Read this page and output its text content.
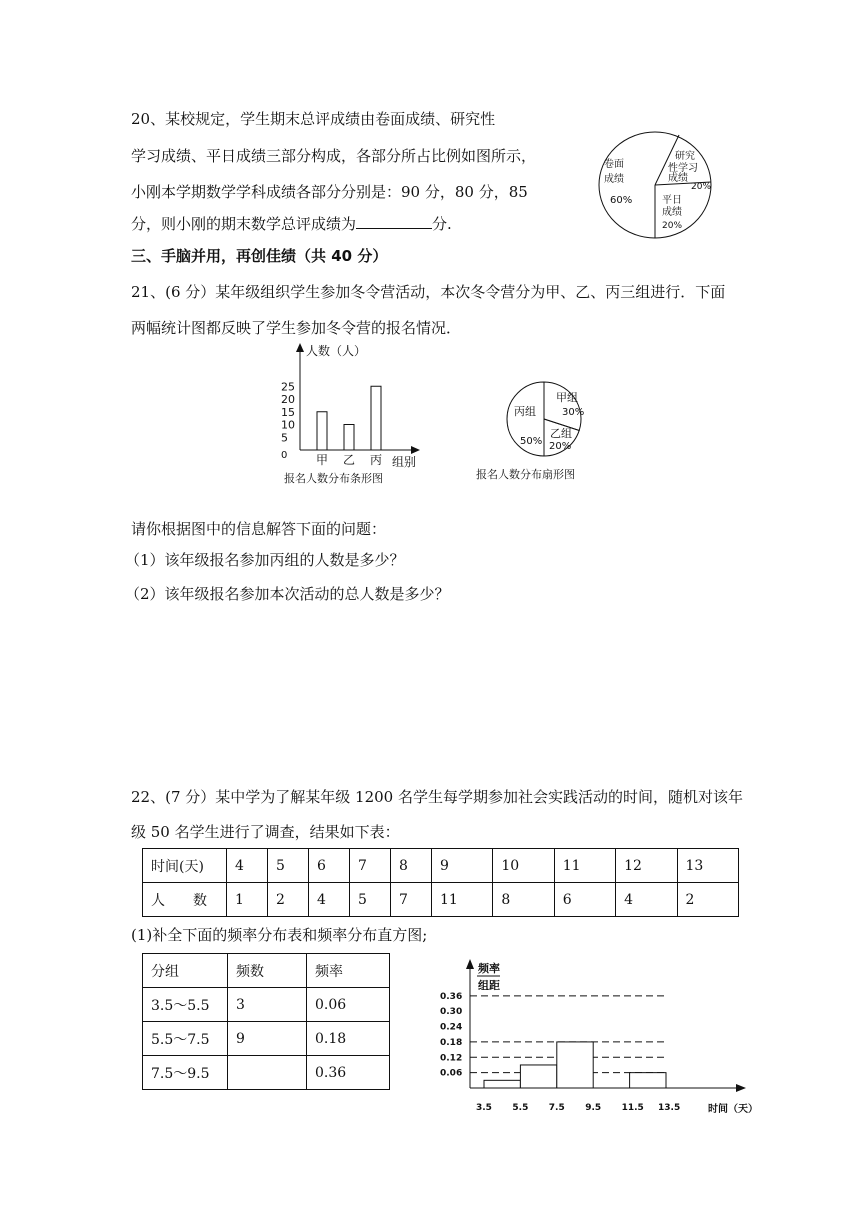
20、某校规定，学生期末总评成绩由卷面成绩、研究性
学习成绩、平日成绩三部分构成，各部分所占比例如图所示，
小刚本学期数学学科成绩各部分分别是：90 分，80 分，85
分，则小刚的期末数学总评成绩为	分.
卷面
成绩
60%
研究
性学习
成绩
20%
平日
成绩
20%
三、手脑并用，再创佳绩（共 40 分）
21、(6 分）某年级组织学生参加冬令营活动，本次冬令营分为甲、乙、丙三组进行．下面
两幅统计图都反映了学生参加冬令营的报名情况．
人数（人）
5
10
15
20
25
甲 乙 丙
0	组别
报名人数分布条形图
丙组
50%
甲组
30%
乙组
20%
报名人数分布扇形图
请你根据图中的信息解答下面的问题：
（1）该年级报名参加丙组的人数是多少？
（2）该年级报名参加本次活动的总人数是多少？
22、(7 分）某中学为了解某年级 1200 名学生每学期参加社会实践活动的时间，随机对该年
级 50 名学生进行了调查，结果如下表：
时间(天)	4	5	6	7	8	9	10	11	12	13
人　　数	1	2	4	5	7	11	8	6	4	2
(1)补全下面的频率分布表和频率分布直方图;
分组	频数	频率
3.5～5.5	3	0.06
5.5～7.5	9	0.18
7.5～9.5		0.36
频率
组距
时间（天）
0.06
0.12
0.18
0.24
0.30
0.36
3.5 5.5 7.5 9.5 11.5 13.5
